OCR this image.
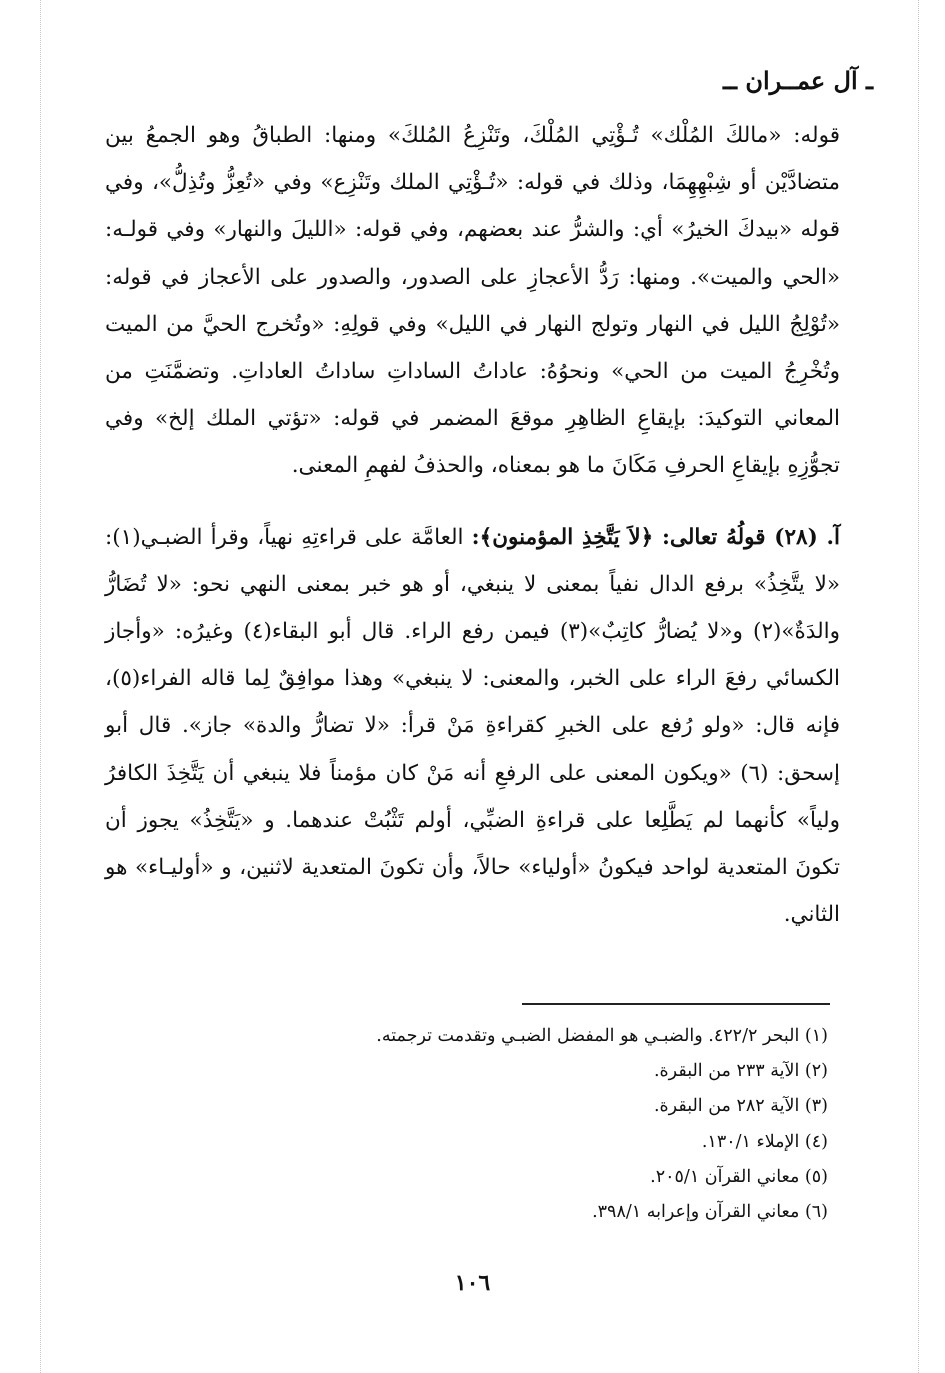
ـ آل عمــران ــ

قوله: «مالكَ المُلْك» تُـؤْتِي المُلْكَ، وتَنْزِعُ المُلكَ» ومنها: الطباقُ وهو الجمعُ بين متضادَّيْن أو شِبْهِهِمَا، وذلك في قوله: «تُـؤْتِي الملك وتَنْزِع» وفي «تُعِزُّ وتُذِلُّ»، وفي قوله «بيدكَ الخيرُ» أي: والشرُّ عند بعضهم، وفي قوله: «الليلَ والنهار» وفي قولـه: «الحي والميت». ومنها: رَدُّ الأعجازِ على الصدور، والصدور على الأعجاز في قوله: «تُوْلِجُ الليل في النهار وتولج النهار في الليل» وفي قولِهِ: «وتُخرج الحيَّ من الميت وتُخْرِجُ الميت من الحي» ونحوُهُ: عاداتُ الساداتِ ساداتُ العاداتِ. وتضمَّنَتِ من المعاني التوكيدَ: بإيقاعِ الظاهِرِ موقعَ المضمر في قوله: «تؤتي الملك إلخ» وفي تجوُّزِهِ بإيقاعِ الحرفِ مَكَانَ ما هو بمعناه، والحذفُ لفهمِ المعنى.

آ. (٢٨) قولُهُ تعالى: ﴿لاَ يَتَّخِذِ المؤمنون﴾: العامَّة على قراءتِهِ نهياً، وقرأ الضبـي(١): «لا يتَّخِذُ» برفع الدال نفياً بمعنى لا ينبغي، أو هو خبر بمعنى النهي نحو: «لا تُضَارُّ والدَةٌ»(٢) و«لا يُضارُّ كاتِبٌ»(٣) فيمن رفع الراء. قال أبو البقاء(٤) وغيرُه: «وأجاز الكسائي رفعَ الراء على الخبر، والمعنى: لا ينبغي» وهذا موافِقٌ لِما قاله الفراء(٥)، فإنه قال: «ولو رُفع على الخبرِ كقراءةِ مَنْ قرأ: «لا تضارُّ والدة» جاز». قال أبو إسحق: (٦) «ويكون المعنى على الرفعِ أنه مَنْ كان مؤمناً فلا ينبغي أن يَتَّخِذَ الكافرُ ولياً» كأنهما لم يَطَّلِعا على قراءةِ الضبِّي، أولم تَثْبُتْ عندهما. و «يَتَّخِذُ» يجوز أن تكونَ المتعدية لواحد فيكونُ «أولياء» حالاً، وأن تكونَ المتعدية لاثنين، و «أوليـاء» هو الثاني.

(١) البحر ٤٢٢/٢. والضبـي هو المفضل الضبـي وتقدمت ترجمته.
(٢) الآية ٢٣٣ من البقرة.
(٣) الآية ٢٨٢ من البقرة.
(٤) الإملاء ١٣٠/١.
(٥) معاني القرآن ٢٠٥/١.
(٦) معاني القرآن وإعرابه ٣٩٨/١.
١٠٦
